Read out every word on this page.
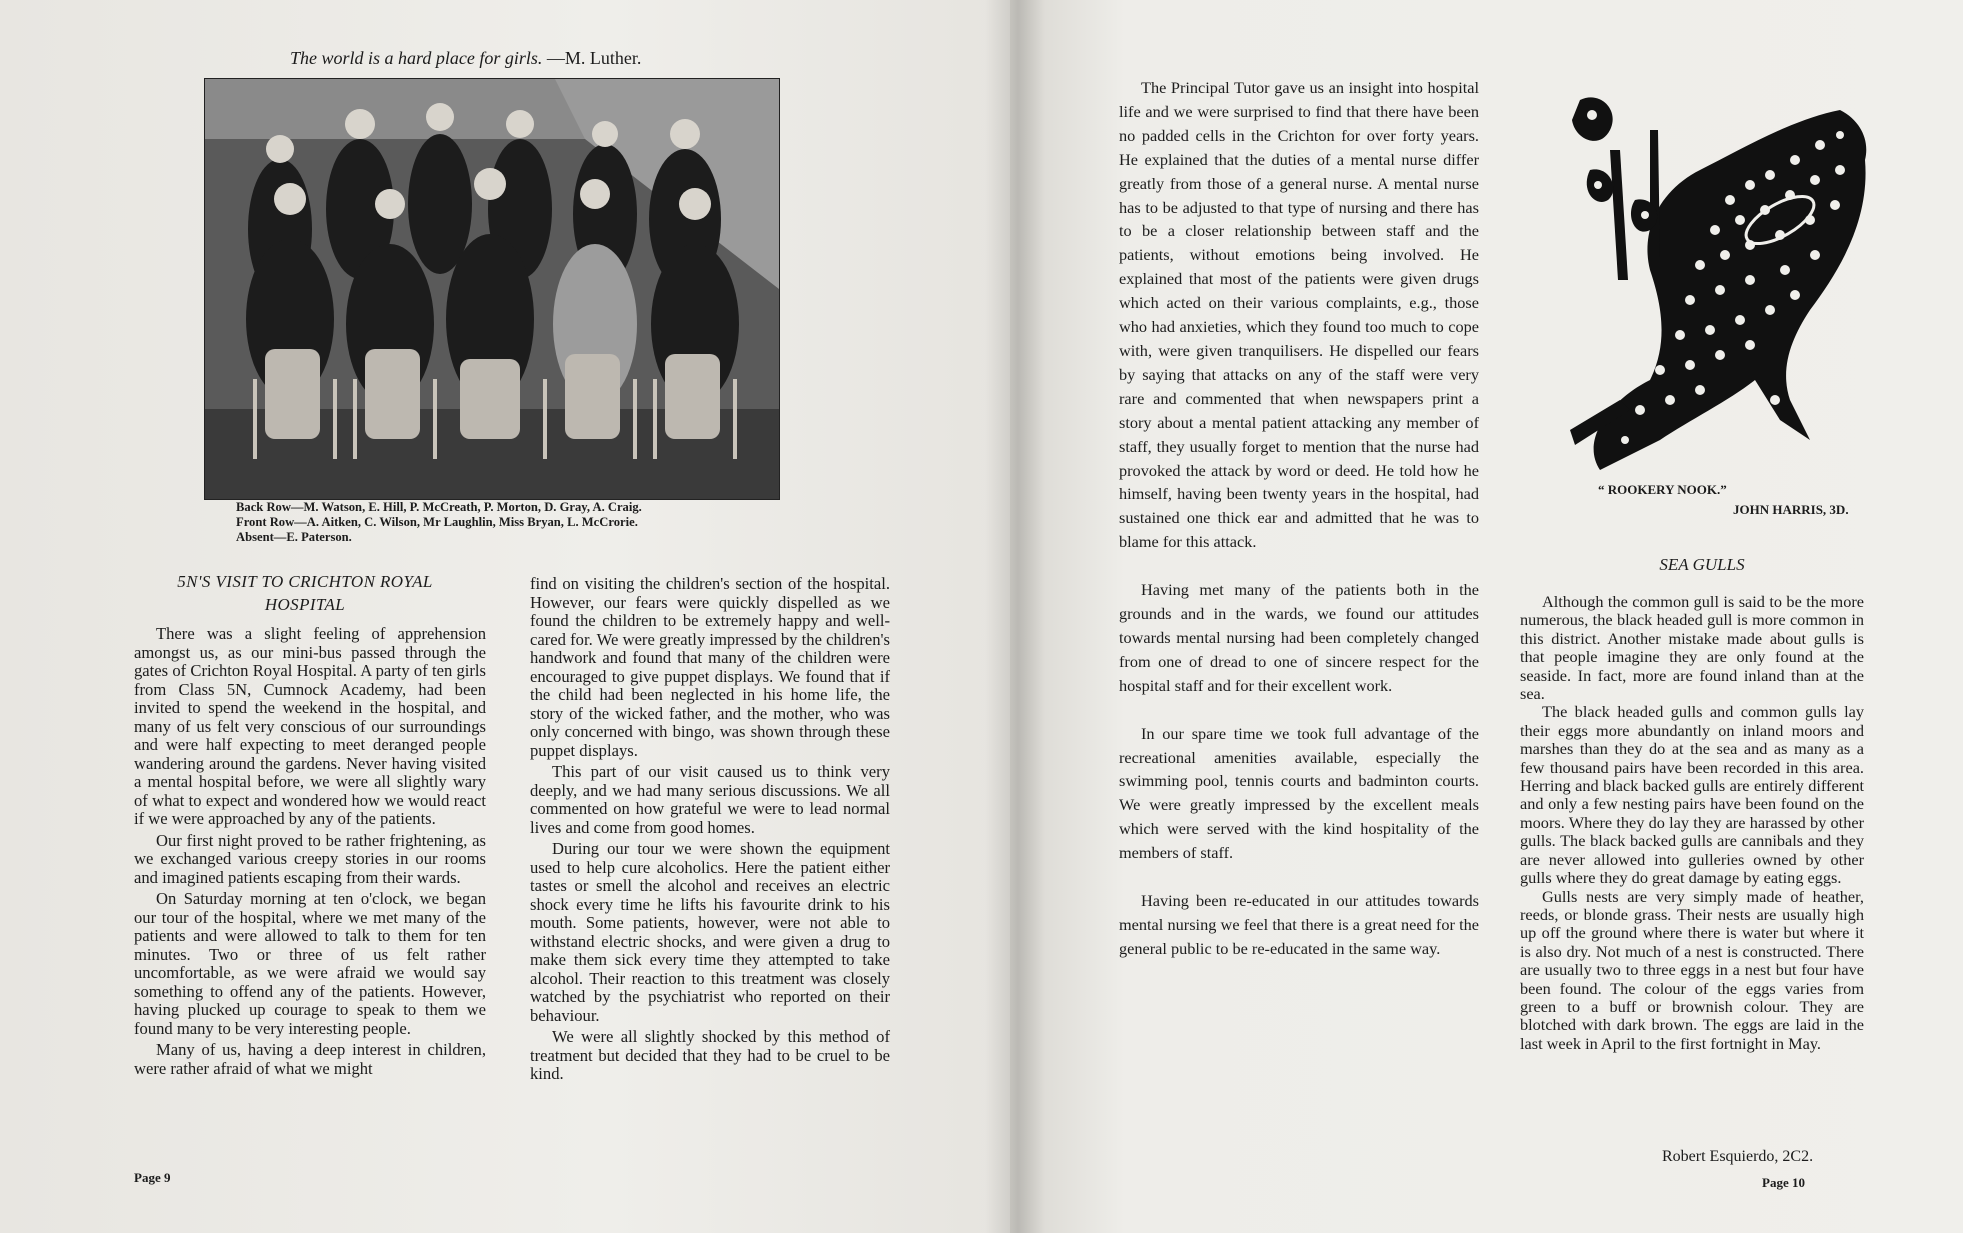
The world is a hard place for girls. —M. Luther.
Back Row—M. Watson, E. Hill, P. McCreath, P. Morton, D. Gray, A. Craig.
Front Row—A. Aitken, C. Wilson, Mr Laughlin, Miss Bryan, L. McCrorie.
Absent—E. Paterson.
5N'S VISIT TO CRICHTON ROYAL
HOSPITAL

There was a slight feeling of apprehension amongst us, as our mini-bus passed through the gates of Crichton Royal Hospital. A party of ten girls from Class 5N, Cumnock Academy, had been invited to spend the weekend in the hospital, and many of us felt very conscious of our surroundings and were half expecting to meet deranged people wandering around the gardens. Never having visited a mental hospital before, we were all slightly wary of what to expect and wondered how we would react if we were approached by any of the patients.

Our first night proved to be rather frightening, as we exchanged various creepy stories in our rooms and imagined patients escaping from their wards.

On Saturday morning at ten o'clock, we began our tour of the hospital, where we met many of the patients and were allowed to talk to them for ten minutes. Two or three of us felt rather uncomfortable, as we were afraid we would say something to offend any of the patients. However, having plucked up courage to speak to them we found many to be very interesting people.

Many of us, having a deep interest in children, were rather afraid of what we might

find on visiting the children's section of the hospital. However, our fears were quickly dispelled as we found the children to be extremely happy and well-cared for. We were greatly impressed by the children's handwork and found that many of the children were encouraged to give puppet displays. We found that if the child had been neglected in his home life, the story of the wicked father, and the mother, who was only concerned with bingo, was shown through these puppet displays.

This part of our visit caused us to think very deeply, and we had many serious discussions. We all commented on how grateful we were to lead normal lives and come from good homes.

During our tour we were shown the equipment used to help cure alcoholics. Here the patient either tastes or smell the alcohol and receives an electric shock every time he lifts his favourite drink to his mouth. Some patients, however, were not able to withstand electric shocks, and were given a drug to make them sick every time they attempted to take alcohol. Their reaction to this treatment was closely watched by the psychiatrist who reported on their behaviour.

We were all slightly shocked by this method of treatment but decided that they had to be cruel to be kind.

Page 9

The Principal Tutor gave us an insight into hospital life and we were surprised to find that there have been no padded cells in the Crichton for over forty years. He explained that the duties of a mental nurse differ greatly from those of a general nurse. A mental nurse has to be adjusted to that type of nursing and there has to be a closer relationship between staff and the patients, without emotions being involved. He explained that most of the patients were given drugs which acted on their various complaints, e.g., those who had anxieties, which they found too much to cope with, were given tranquilisers. He dispelled our fears by saying that attacks on any of the staff were very rare and commented that when newspapers print a story about a mental patient attacking any member of staff, they usually forget to mention that the nurse had provoked the attack by word or deed. He told how he himself, having been twenty years in the hospital, had sustained one thick ear and admitted that he was to blame for this attack.

Having met many of the patients both in the grounds and in the wards, we found our attitudes towards mental nursing had been completely changed from one of dread to one of sincere respect for the hospital staff and for their excellent work.

In our spare time we took full advantage of the recreational amenities available, especially the swimming pool, tennis courts and badminton courts. We were greatly impressed by the excellent meals which were served with the kind hospitality of the members of staff.

Having been re-educated in our attitudes towards mental nursing we feel that there is a great need for the general public to be re-educated in the same way.

“ ROOKERY NOOK.”
JOHN HARRIS, 3D.
SEA GULLS

Although the common gull is said to be the more numerous, the black headed gull is more common in this district. Another mistake made about gulls is that people imagine they are only found at the seaside. In fact, more are found inland than at the sea.

The black headed gulls and common gulls lay their eggs more abundantly on inland moors and marshes than they do at the sea and as many as a few thousand pairs have been recorded in this area. Herring and black backed gulls are entirely different and only a few nesting pairs have been found on the moors. Where they do lay they are harassed by other gulls. The black backed gulls are cannibals and they are never allowed into gulleries owned by other gulls where they do great damage by eating eggs.

Gulls nests are very simply made of heather, reeds, or blonde grass. Their nests are usually high up off the ground where there is water but where it is also dry. Not much of a nest is constructed. There are usually two to three eggs in a nest but four have been found. The colour of the eggs varies from green to a buff or brownish colour. They are blotched with dark brown. The eggs are laid in the last week in April to the first fortnight in May.

Robert Esquierdo, 2C2.
Page 10
